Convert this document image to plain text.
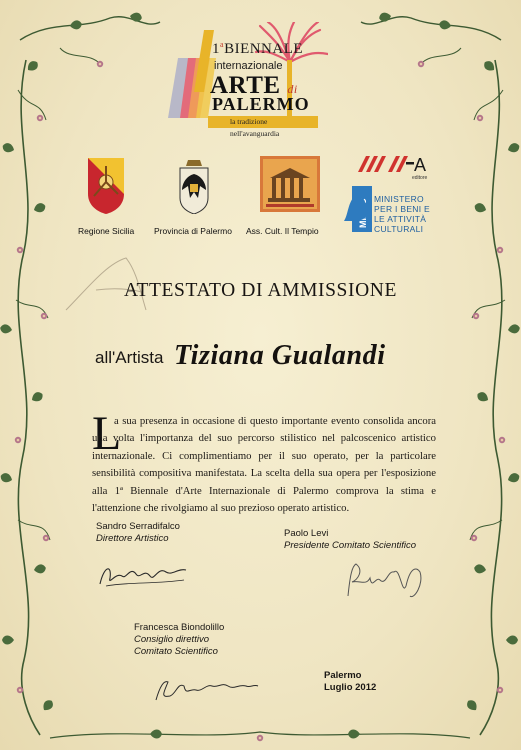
1$^a$BIENNALE
internazionale
ARTE di
PALERMO
la tradizione nell'avanguardia
Regione Sicilia Provincia di Palermo Ass. Cult. Il Tempio
A
editore
MINISTERO
PER I BENI E
LE ATTIVITÀ
CULTURALI
ATTESTATO DI AMMISSIONE
all'Artista Tiziana Gualandi
L
a sua presenza in occasione di questo importante evento consolida ancora una volta l'importanza del suo percorso stilistico nel palcoscenico artistico internazionale. Ci complimentiamo per il suo operato, per la particolare sensibilità compositiva manifestata. La scelta della sua opera per l'esposizione alla 1ª Biennale d'Arte Internazionale di Palermo comprova la stima e l'attenzione che rivolgiamo al suo prezioso operato artistico.
Sandro Serradifalco
Direttore Artistico	Paolo Levi
Presidente Comitato Scientifico
Francesca Biondolillo
Consiglio direttivo
Comitato Scientifico
Palermo
Luglio 2012
